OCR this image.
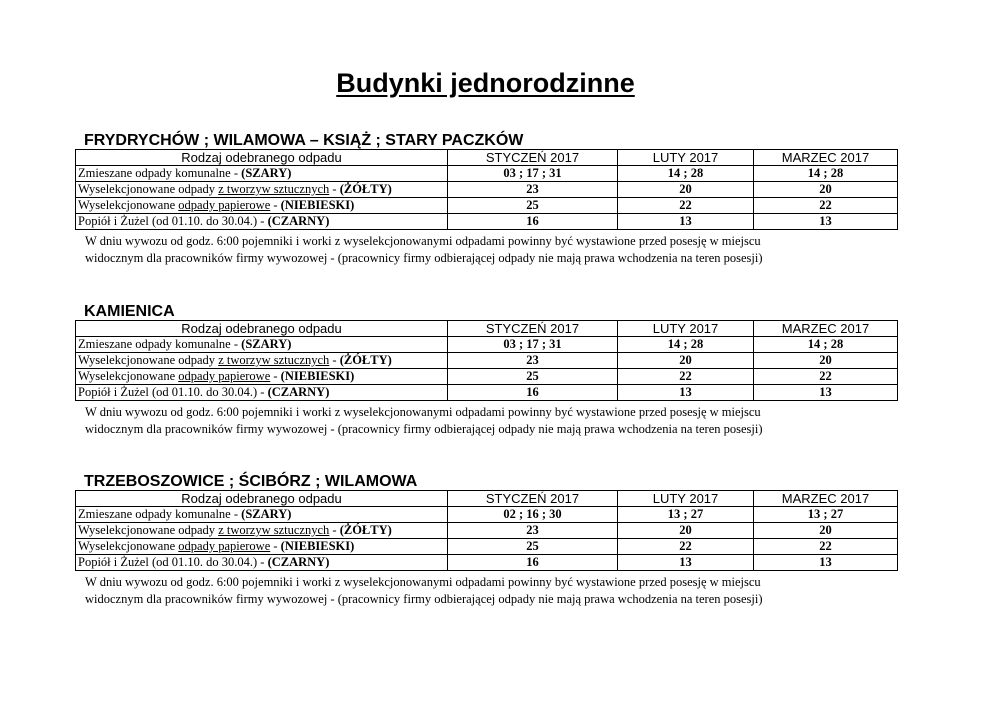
Budynki jednorodzinne
FRYDRYCHÓW ; WILAMOWA – KSIĄŻ ; STARY PACZKÓW
Rodzaj odebranego odpadu	STYCZEŃ 2017	LUTY 2017	MARZEC 2017
Zmieszane odpady komunalne - (SZARY)	03 ; 17 ; 31	14 ; 28	14 ; 28
Wyselekcjonowane odpady z tworzyw sztucznych - (ŻÓŁTY)	23	20	20
Wyselekcjonowane odpady papierowe - (NIEBIESKI)	25	22	22
Popiół i Żużel (od 01.10. do 30.04.) - (CZARNY)	16	13	13
W dniu wywozu od godz. 6:00 pojemniki i worki z wyselekcjonowanymi odpadami powinny być wystawione przed posesję w miejscu
widocznym dla pracowników firmy wywozowej - (pracownicy firmy odbierającej odpady nie mają prawa wchodzenia na teren posesji)
KAMIENICA
Rodzaj odebranego odpadu	STYCZEŃ 2017	LUTY 2017	MARZEC 2017
Zmieszane odpady komunalne - (SZARY)	03 ; 17 ; 31	14 ; 28	14 ; 28
Wyselekcjonowane odpady z tworzyw sztucznych - (ŻÓŁTY)	23	20	20
Wyselekcjonowane odpady papierowe - (NIEBIESKI)	25	22	22
Popiół i Żużel (od 01.10. do 30.04.) - (CZARNY)	16	13	13
W dniu wywozu od godz. 6:00 pojemniki i worki z wyselekcjonowanymi odpadami powinny być wystawione przed posesję w miejscu
widocznym dla pracowników firmy wywozowej - (pracownicy firmy odbierającej odpady nie mają prawa wchodzenia na teren posesji)
TRZEBOSZOWICE ; ŚCIBÓRZ ; WILAMOWA
Rodzaj odebranego odpadu	STYCZEŃ 2017	LUTY 2017	MARZEC 2017
Zmieszane odpady komunalne - (SZARY)	02 ; 16 ; 30	13 ; 27	13 ; 27
Wyselekcjonowane odpady z tworzyw sztucznych - (ŻÓŁTY)	23	20	20
Wyselekcjonowane odpady papierowe - (NIEBIESKI)	25	22	22
Popiół i Żużel (od 01.10. do 30.04.) - (CZARNY)	16	13	13
W dniu wywozu od godz. 6:00 pojemniki i worki z wyselekcjonowanymi odpadami powinny być wystawione przed posesję w miejscu
widocznym dla pracowników firmy wywozowej - (pracownicy firmy odbierającej odpady nie mają prawa wchodzenia na teren posesji)
